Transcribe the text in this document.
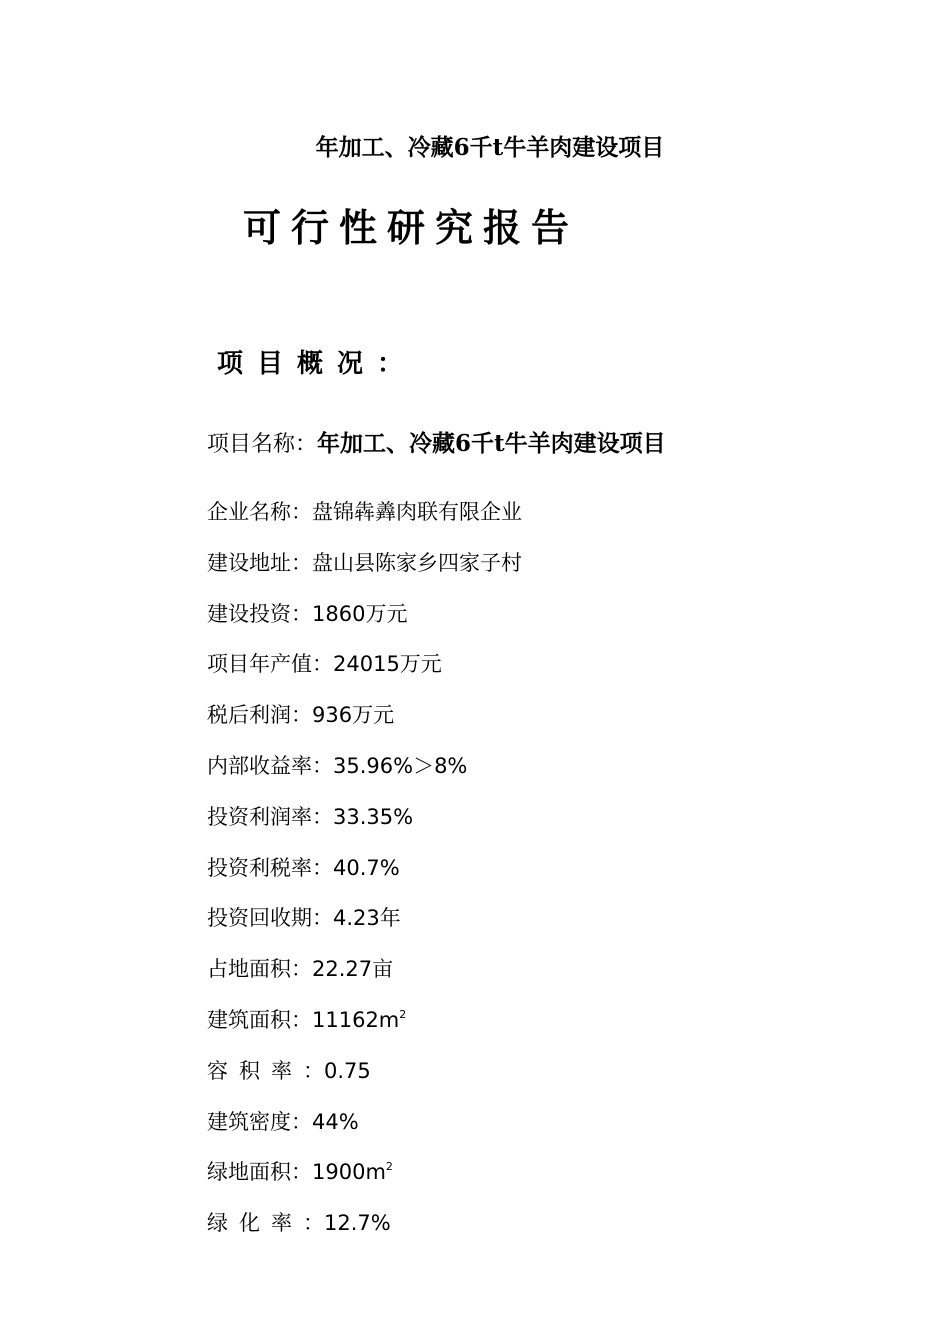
年加工、冷藏6千t牛羊肉建设项目
可行性研究报告
项目概况：
项目名称：年加工、冷藏6千t牛羊肉建设项目
企业名称：盘锦犇羴肉联有限企业
建设地址：盘山县陈家乡四家子村
建设投资：1860万元
项目年产值：24015万元
税后利润：936万元
内部收益率：35.96%＞8%
投资利润率：33.35%
投资利税率：40.7%
投资回收期：4.23年
占地面积：22.27亩
建筑面积：$11162m^2$
容积率：0.75
建筑密度：44%
绿地面积：$1900m^2$
绿化率：12.7%
